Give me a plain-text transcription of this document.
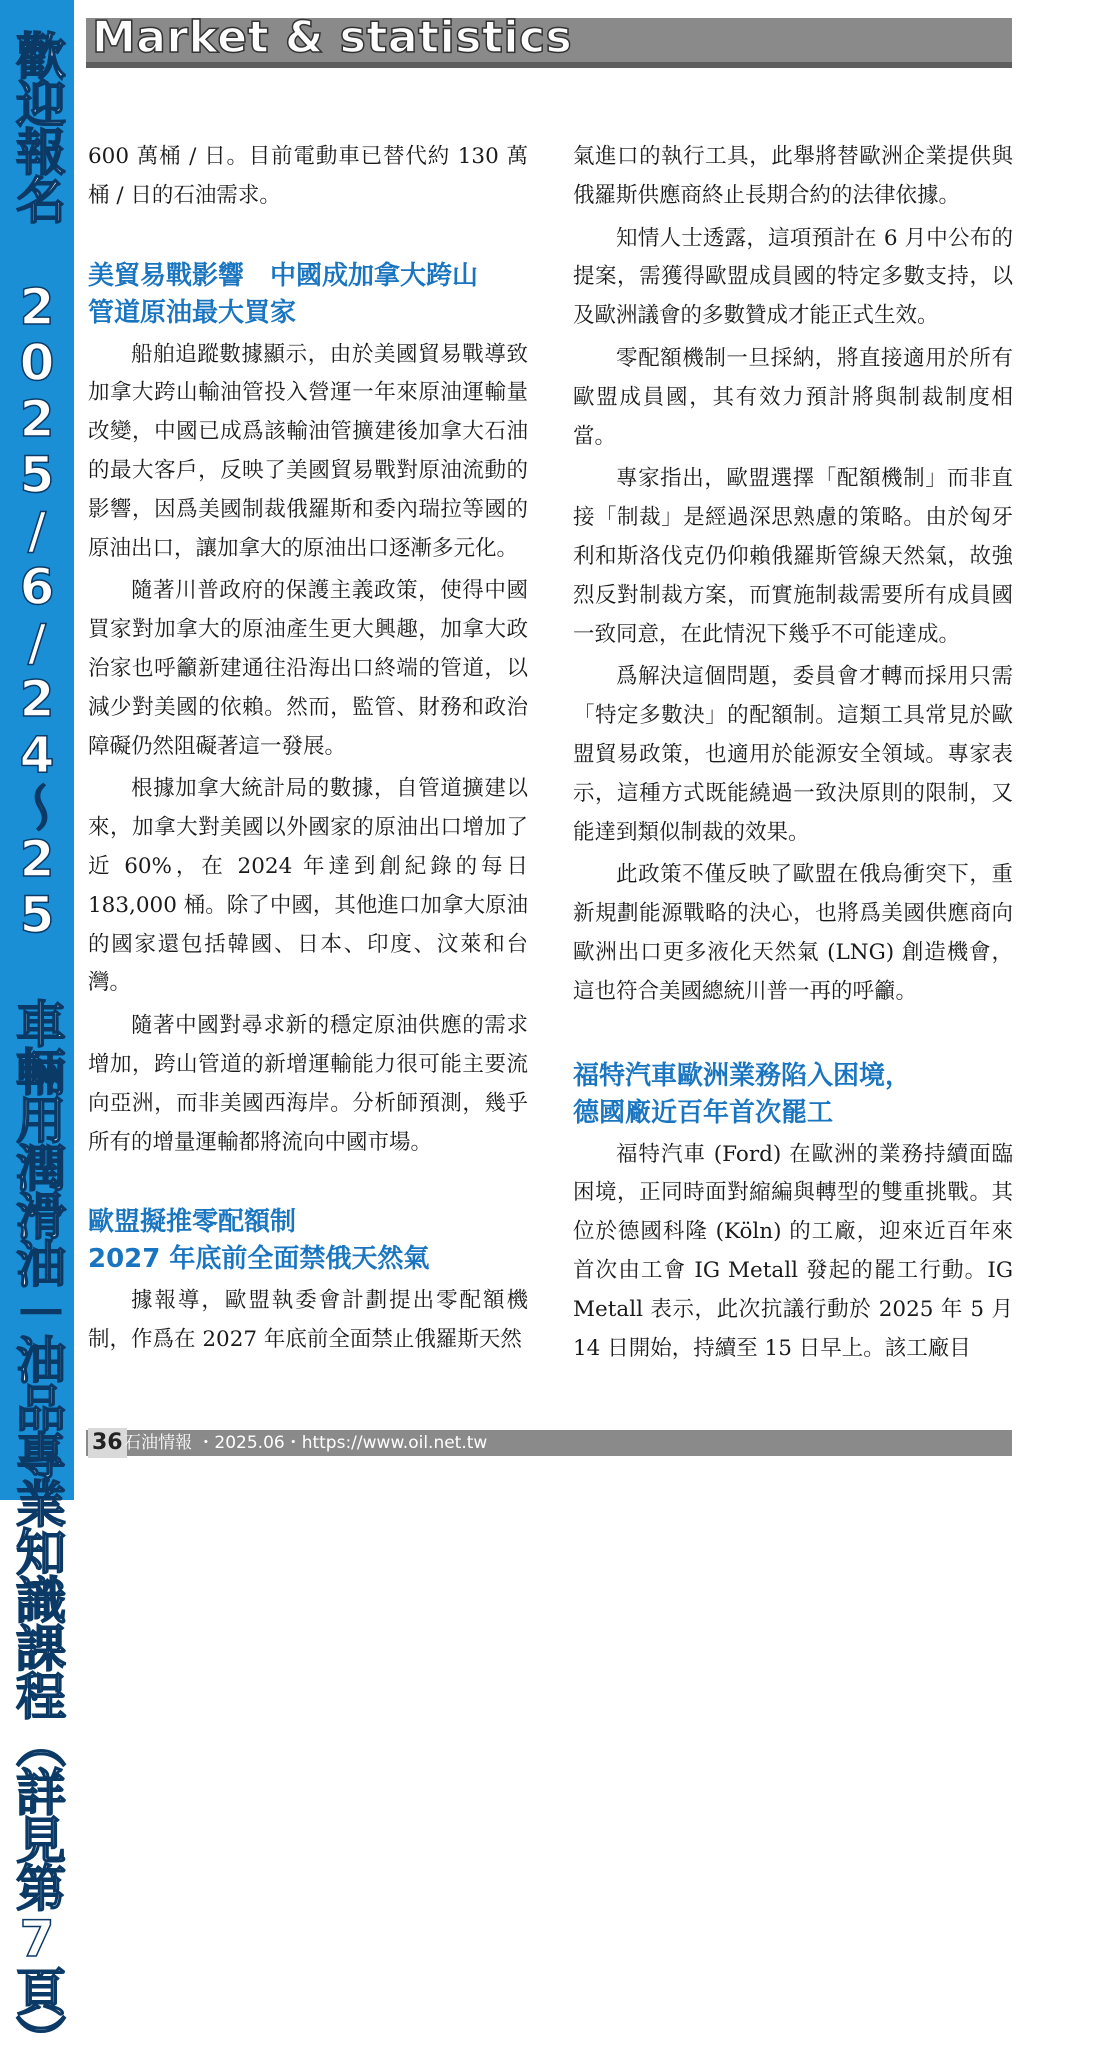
歡迎報名 2025/6/24～25 車輛用潤滑油－油品專業知識課程（詳見第7頁） Market & statistics

600 萬桶 / 日。目前電動車已替代約 130 萬桶 / 日的石油需求。

美貿易戰影響　中國成加拿大跨山
管道原油最大買家

船舶追蹤數據顯示，由於美國貿易戰導致加拿大跨山輸油管投入營運一年來原油運輸量改變，中國已成爲該輸油管擴建後加拿大石油的最大客戶，反映了美國貿易戰對原油流動的影響，因爲美國制裁俄羅斯和委內瑞拉等國的原油出口，讓加拿大的原油出口逐漸多元化。

隨著川普政府的保護主義政策，使得中國買家對加拿大的原油產生更大興趣，加拿大政治家也呼籲新建通往沿海出口終端的管道，以減少對美國的依賴。然而，監管、財務和政治障礙仍然阻礙著這一發展。

根據加拿大統計局的數據，自管道擴建以來，加拿大對美國以外國家的原油出口增加了近 60%，在 2024 年達到創紀錄的每日 183,000 桶。除了中國，其他進口加拿大原油的國家還包括韓國、日本、印度、汶萊和台灣。

隨著中國對尋求新的穩定原油供應的需求增加，跨山管道的新增運輸能力很可能主要流向亞洲，而非美國西海岸。分析師預測，幾乎所有的增量運輸都將流向中國市場。

歐盟擬推零配額制
2027 年底前全面禁俄天然氣

據報導，歐盟執委會計劃提出零配額機制，作爲在 2027 年底前全面禁止俄羅斯天然

氣進口的執行工具，此舉將替歐洲企業提供與俄羅斯供應商終止長期合約的法律依據。

知情人士透露，這項預計在 6 月中公布的提案，需獲得歐盟成員國的特定多數支持，以及歐洲議會的多數贊成才能正式生效。

零配額機制一旦採納，將直接適用於所有歐盟成員國，其有效力預計將與制裁制度相當。

專家指出，歐盟選擇「配額機制」而非直接「制裁」是經過深思熟慮的策略。由於匈牙利和斯洛伐克仍仰賴俄羅斯管線天然氣，故強烈反對制裁方案，而實施制裁需要所有成員國一致同意，在此情況下幾乎不可能達成。

爲解決這個問題，委員會才轉而採用只需「特定多數決」的配額制。這類工具常見於歐盟貿易政策，也適用於能源安全領域。專家表示，這種方式既能繞過一致決原則的限制，又能達到類似制裁的效果。

此政策不僅反映了歐盟在俄烏衝突下，重新規劃能源戰略的決心，也將爲美國供應商向歐洲出口更多液化天然氣 (LNG) 創造機會，這也符合美國總統川普一再的呼籲。

福特汽車歐洲業務陷入困境，
德國廠近百年首次罷工

福特汽車 (Ford) 在歐洲的業務持續面臨困境，正同時面對縮編與轉型的雙重挑戰。其位於德國科隆 (Köln) 的工廠，迎來近百年來首次由工會 IG Metall 發起的罷工行動。IG Metall 表示，此次抗議行動於 2025 年 5 月 14 日開始，持續至 15 日早上。該工廠目

36 石油情報 ・2025.06・https://www.oil.net.tw
